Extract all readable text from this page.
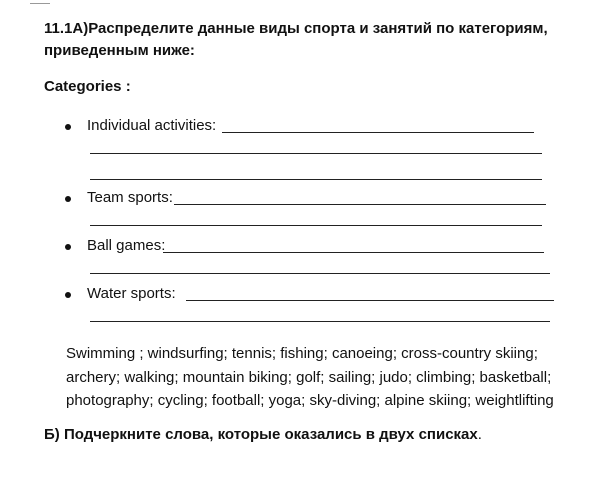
11.1А)Распределите данные виды спорта и занятий по категориям, приведенным ниже:
Categories :
Individual activities:
Team sports:
Ball games:
Water sports:
Swimming ; windsurfing; tennis; fishing; canoeing; cross-country skiing;
archery; walking; mountain biking; golf; sailing; judo; climbing; basketball;
photography; cycling; football; yoga; sky-diving; alpine skiing; weightlifting
Б) Подчеркните слова, которые оказались в двух списках.
